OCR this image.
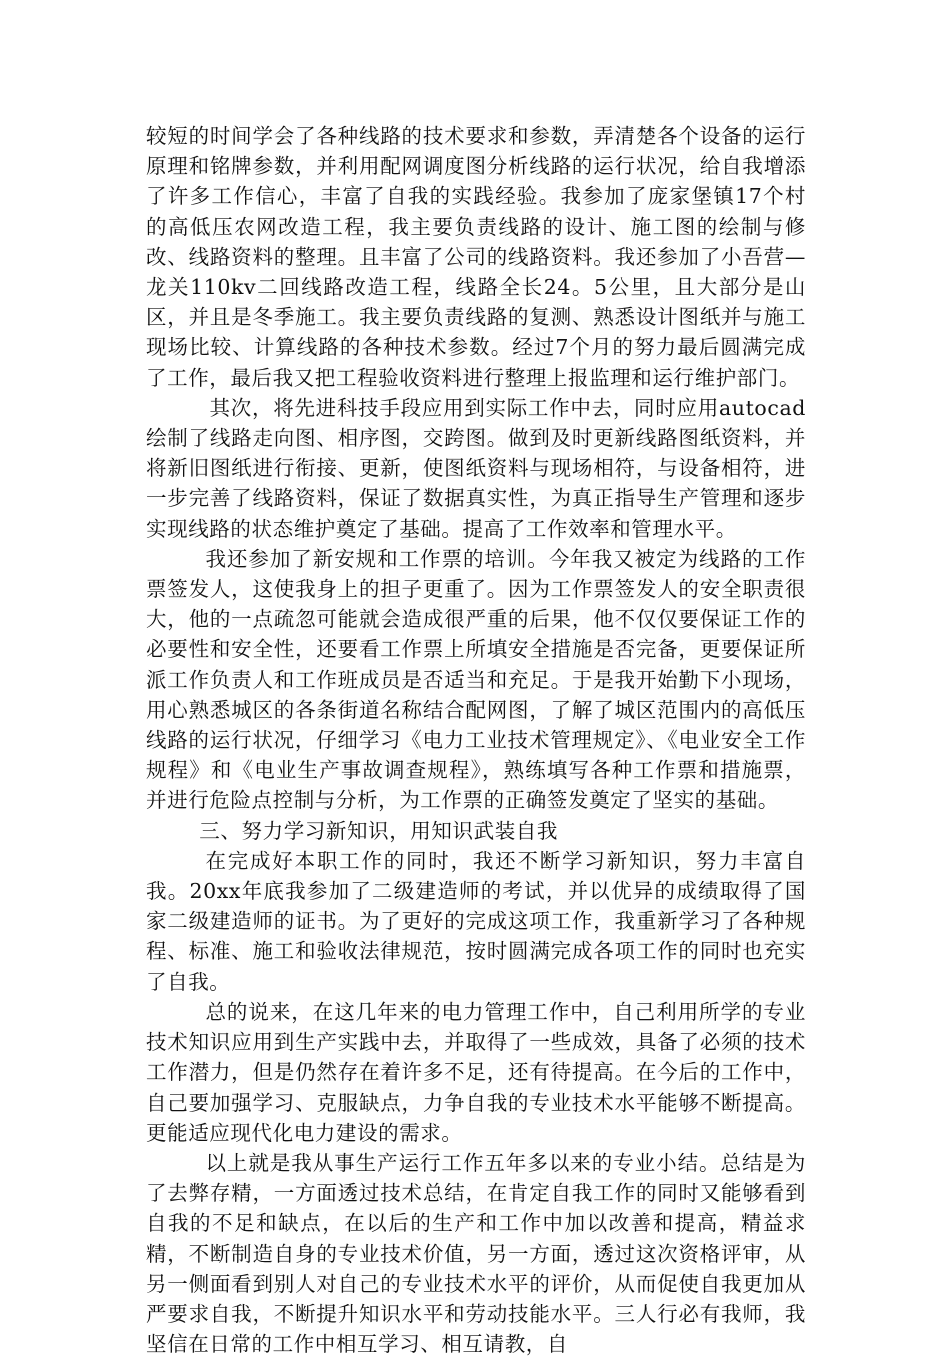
较短的时间学会了各种线路的技术要求和参数，弄清楚各个设备的运行原理和铭牌参数，并利用配网调度图分析线路的运行状况，给自我增添了许多工作信心，丰富了自我的实践经验。我参加了庞家堡镇17个村的高低压农网改造工程，我主要负责线路的设计、施工图的绘制与修改、线路资料的整理。且丰富了公司的线路资料。我还参加了小吾营—龙关110kv二回线路改造工程，线路全长24。5公里，且大部分是山区，并且是冬季施工。我主要负责线路的复测、熟悉设计图纸并与施工现场比较、计算线路的各种技术参数。经过7个月的努力最后圆满完成了工作，最后我又把工程验收资料进行整理上报监理和运行维护部门。

其次，将先进科技手段应用到实际工作中去，同时应用autocad绘制了线路走向图、相序图，交跨图。做到及时更新线路图纸资料，并将新旧图纸进行衔接、更新，使图纸资料与现场相符，与设备相符，进一步完善了线路资料，保证了数据真实性，为真正指导生产管理和逐步实现线路的状态维护奠定了基础。提高了工作效率和管理水平。

我还参加了新安规和工作票的培训。今年我又被定为线路的工作票签发人，这使我身上的担子更重了。因为工作票签发人的安全职责很大，他的一点疏忽可能就会造成很严重的后果，他不仅仅要保证工作的必要性和安全性，还要看工作票上所填安全措施是否完备，更要保证所派工作负责人和工作班成员是否适当和充足。于是我开始勤下小现场，用心熟悉城区的各条街道名称结合配网图，了解了城区范围内的高低压线路的运行状况，仔细学习《电力工业技术管理规定》、《电业安全工作规程》和《电业生产事故调查规程》，熟练填写各种工作票和措施票，并进行危险点控制与分析，为工作票的正确签发奠定了坚实的基础。

三、努力学习新知识，用知识武装自我

在完成好本职工作的同时，我还不断学习新知识，努力丰富自我。20xx年底我参加了二级建造师的考试，并以优异的成绩取得了国家二级建造师的证书。为了更好的完成这项工作，我重新学习了各种规程、标准、施工和验收法律规范，按时圆满完成各项工作的同时也充实了自我。

总的说来，在这几年来的电力管理工作中，自己利用所学的专业技术知识应用到生产实践中去，并取得了一些成效，具备了必须的技术工作潜力，但是仍然存在着许多不足，还有待提高。在今后的工作中，自己要加强学习、克服缺点，力争自我的专业技术水平能够不断提高。更能适应现代化电力建设的需求。

以上就是我从事生产运行工作五年多以来的专业小结。总结是为了去弊存精，一方面透过技术总结，在肯定自我工作的同时又能够看到自我的不足和缺点，在以后的生产和工作中加以改善和提高，精益求精，不断制造自身的专业技术价值，另一方面，透过这次资格评审，从另一侧面看到别人对自己的专业技术水平的评价，从而促使自我更加从严要求自我，不断提升知识水平和劳动技能水平。三人行必有我师，我坚信在日常的工作中相互学习、相互请教，自
